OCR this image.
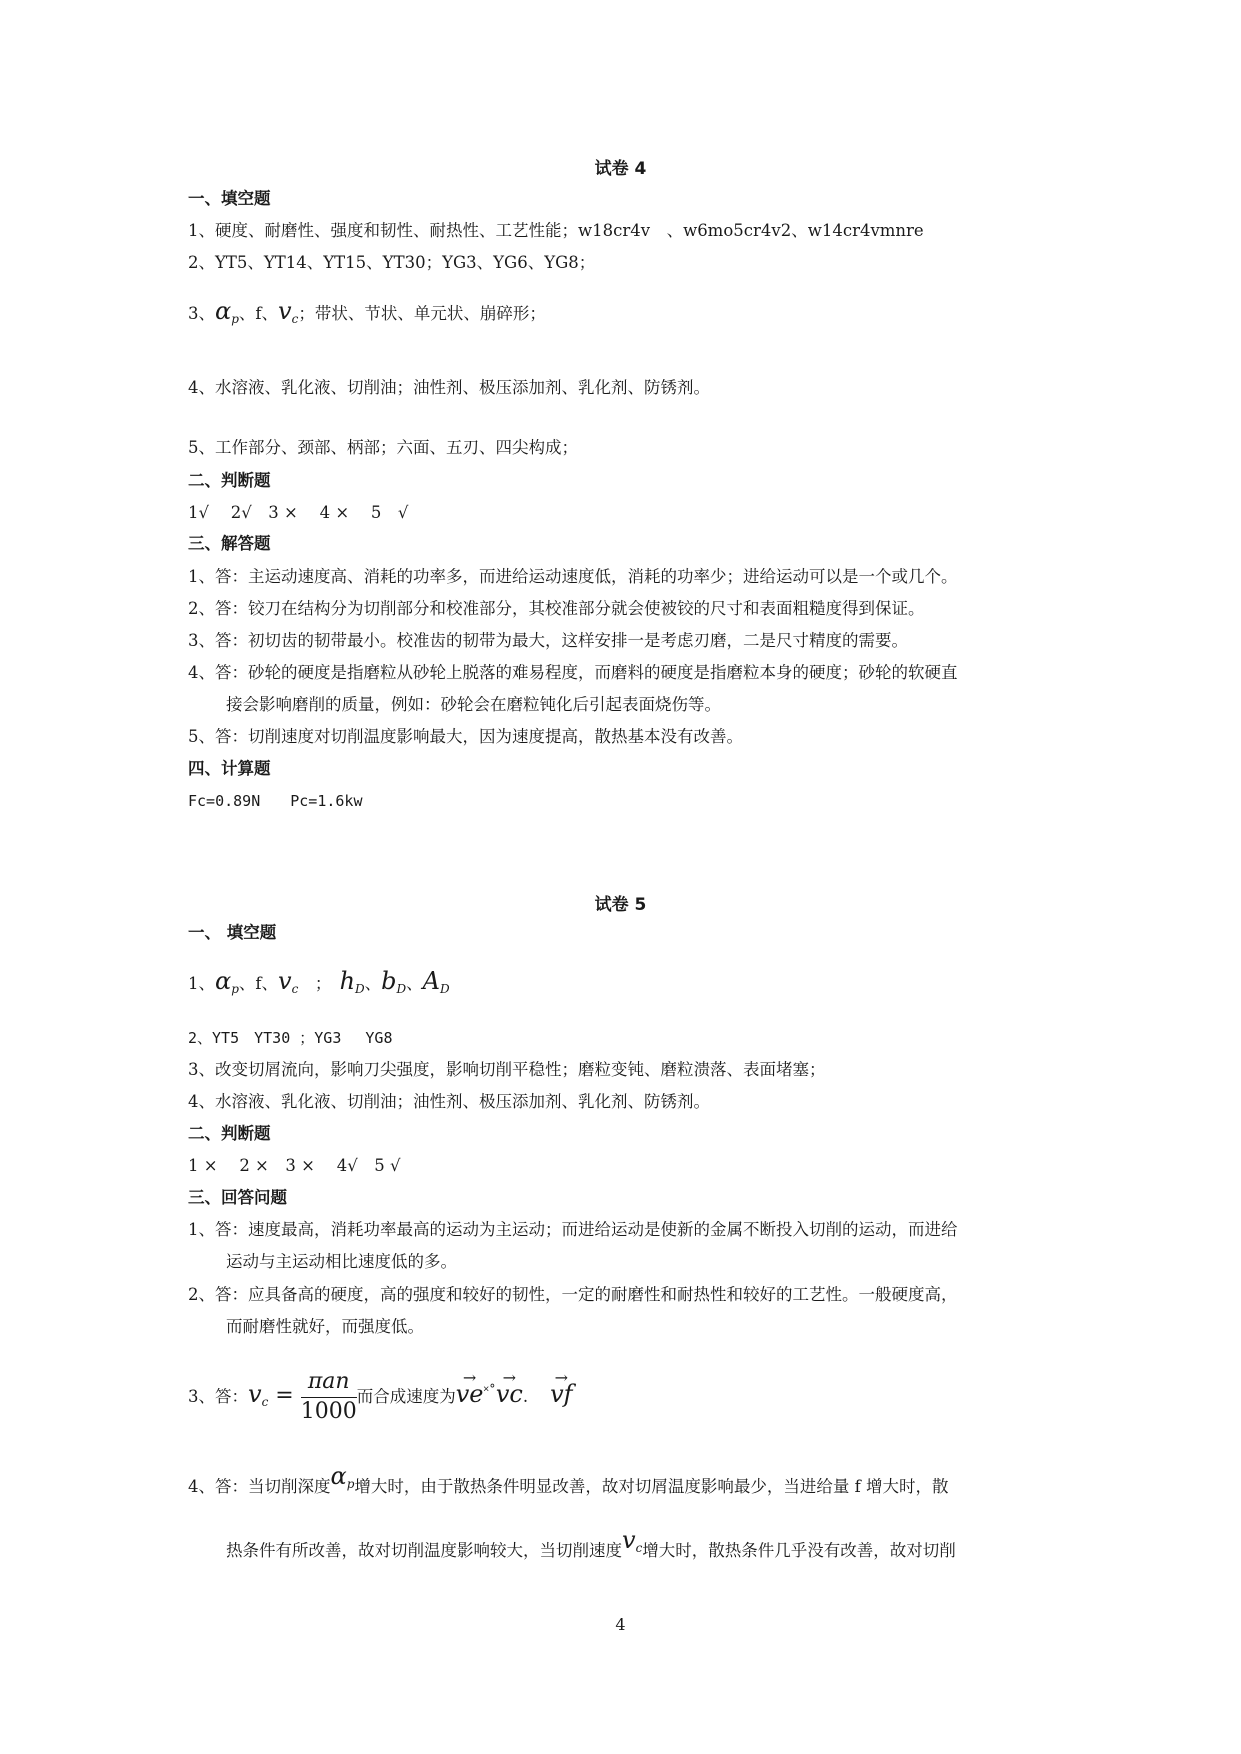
试卷 4
一、填空题
1、硬度、耐磨性、强度和韧性、耐热性、工艺性能；w18cr4v　、w6mo5cr4v2、w14cr4vmnre
2、YT5、YT14、YT15、YT30；YG3、YG6、YG8；
3、$\alpha_p$、f、$v_c$；带状、节状、单元状、崩碎形；
4、水溶液、乳化液、切削油；油性剂、极压添加剂、乳化剂、防锈剂。
5、工作部分、颈部、柄部；六面、五刃、四尖构成；
二、判断题
1√　 2√　3 ×　 4 ×　 5　√
三、解答题
1、答：主运动速度高、消耗的功率多，而进给运动速度低，消耗的功率少；进给运动可以是一个或几个。
2、答：铰刀在结构分为切削部分和校准部分，其校准部分就会使被铰的尺寸和表面粗糙度得到保证。
3、答：初切齿的韧带最小。校准齿的韧带为最大，这样安排一是考虑刃磨，二是尺寸精度的需要。
4、答：砂轮的硬度是指磨粒从砂轮上脱落的难易程度，而磨料的硬度是指磨粒本身的硬度；砂轮的软硬直
接会影响磨削的质量，例如：砂轮会在磨粒钝化后引起表面烧伤等。
5、答：切削速度对切削温度影响最大，因为速度提高，散热基本没有改善。
四、计算题
Fc=0.89N　　Pc=1.6kw
试卷 5
一、 填空题
1、$\alpha_p$、f、$v_c$　；　$h_D$、$b_D$、$A_D$
2、YT5　YT30 ；YG3　 YG8
3、改变切屑流向，影响刀尖强度，影响切削平稳性；磨粒变钝、磨粒溃落、表面堵塞；
4、水溶液、乳化液、切削油；油性剂、极压添加剂、乳化剂、防锈剂。
二、判断题
1 ×　 2 ×　3 ×　 4√　5 √
三、回答问题
1、答：速度最高，消耗功率最高的运动为主运动；而进给运动是使新的金属不断投入切削的运动，而进给
运动与主运动相比速度低的多。
2、答：应具备高的硬度，高的强度和较好的韧性，一定的耐磨性和耐热性和较好的工艺性。一般硬度高，
而耐磨性就好，而强度低。
3、答：$v_c = \frac{\text{πan}}{1000}$ 而合成速度为→ ve˟˚→ vc.→ vf
4、答：当切削深度$\alpha^p$增大时，由于散热条件明显改善，故对切屑温度影响最少，当进给量 f 增大时，散
热条件有所改善，故对切削温度影响较大，当切削速度$v^c$增大时，散热条件几乎没有改善，故对切削
4
